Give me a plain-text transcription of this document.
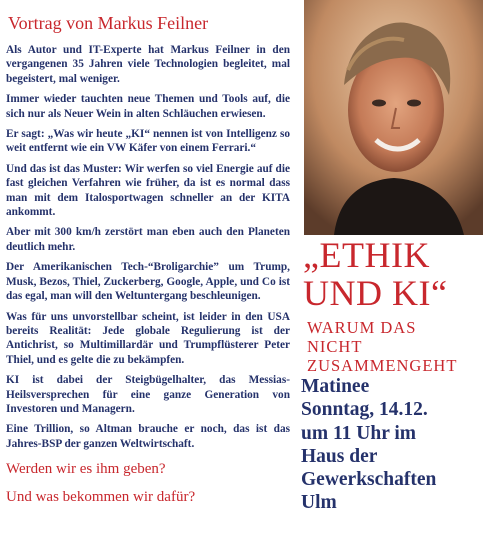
Vortrag von Markus Feilner

Als Autor und IT-Experte hat Markus Feilner in den vergangenen 35 Jahren viele Technologien begleitet, mal begeistert, mal weniger.

Immer wieder tauchten neue Themen und Tools auf, die sich nur als Neuer Wein in alten Schläuchen erwiesen.

Er sagt: „Was wir heute „KI“ nennen ist von Intelligenz so weit entfernt wie ein VW Käfer von einem Ferrari.“

Und das ist das Muster: Wir werfen so viel Energie auf die fast gleichen Verfahren wie früher, da ist es normal dass man mit dem Italosportwagen schneller an der KITA ankommt.

Aber mit 300 km/h zerstört man eben auch den Planeten deutlich mehr.

Der Amerikanischen Tech-“Broligarchie” um Trump, Musk, Bezos, Thiel, Zuckerberg, Google, Apple, und Co ist das egal, man will den Weltuntergang beschleunigen.

Was für uns unvorstellbar scheint, ist leider in den USA bereits Realität: Jede globale Regulierung ist der Antichrist, so Multimillardär und Trumpflüsterer Peter Thiel, und es gelte die zu bekämpfen.

KI ist dabei der Steigbügelhalter, das Messias-Heilsversprechen für eine ganze Generation von Investoren und Managern.

Eine Trillion, so Altman brauche er noch, das ist das Jahres-BSP der ganzen Weltwirtschaft.

Werden wir es ihm geben?
Und was bekommen wir dafür?
„ETHIK
UND KI“
WARUM DAS
NICHT
ZUSAMMENGEHT
Matinee
Sonntag, 14.12.
um 11 Uhr im
Haus der
Gewerkschaften
Ulm
